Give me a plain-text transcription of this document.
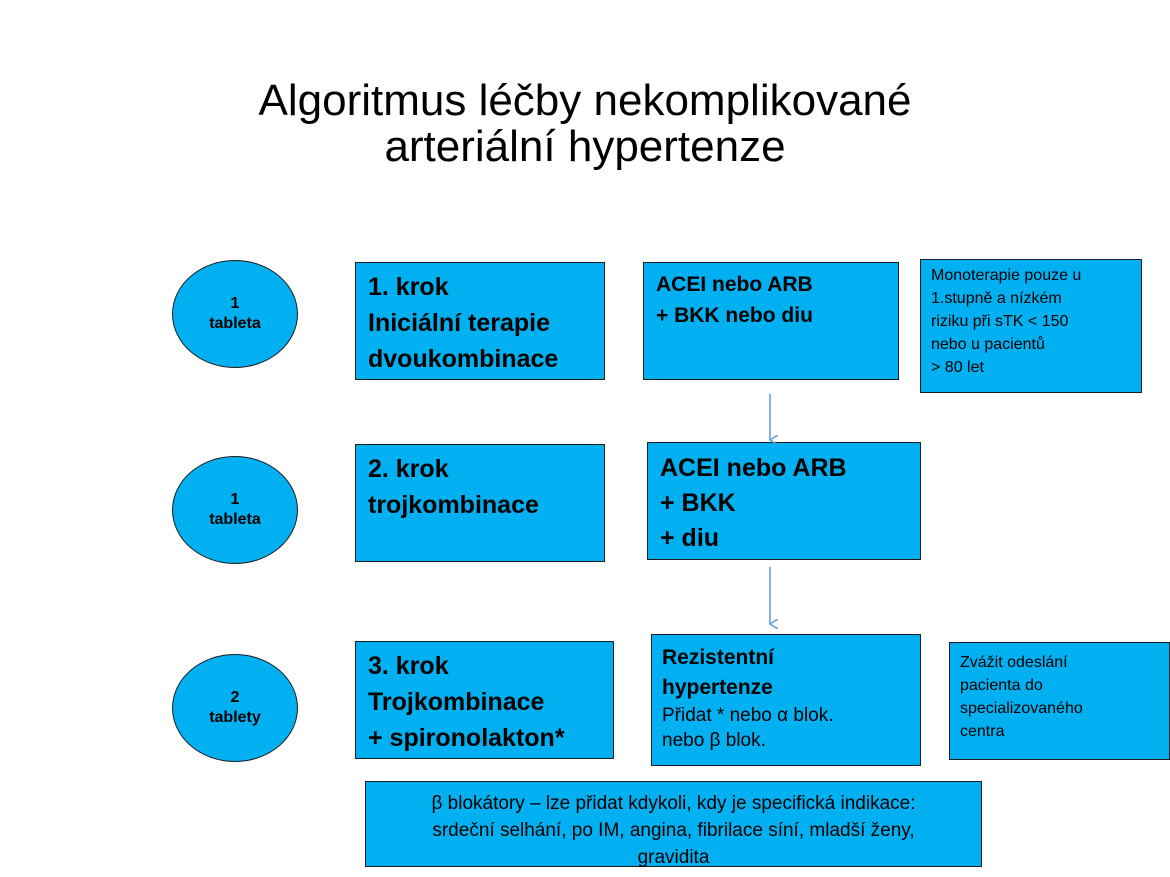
Algoritmus léčby nekomplikované
arteriální hypertenze
1
tableta
1
tableta
2
tablety
1. krok
Iniciální terapie
dvoukombinace
2. krok
trojkombinace
3. krok
Trojkombinace
+ spironolakton*
ACEI nebo ARB
+ BKK nebo diu
ACEI nebo ARB
+ BKK
+ diu
Rezistentní
hypertenze
Přidat * nebo α blok.
nebo β blok.
Monoterapie pouze u
1.stupně a nízkém
riziku při sTK < 150
nebo u pacientů
> 80 let
Zvážit odeslání
pacienta do
specializovaného
centra
β blokátory – lze přidat kdykoli, kdy je specifická indikace:
srdeční selhání, po IM, angina, fibrilace síní, mladší ženy,
gravidita
